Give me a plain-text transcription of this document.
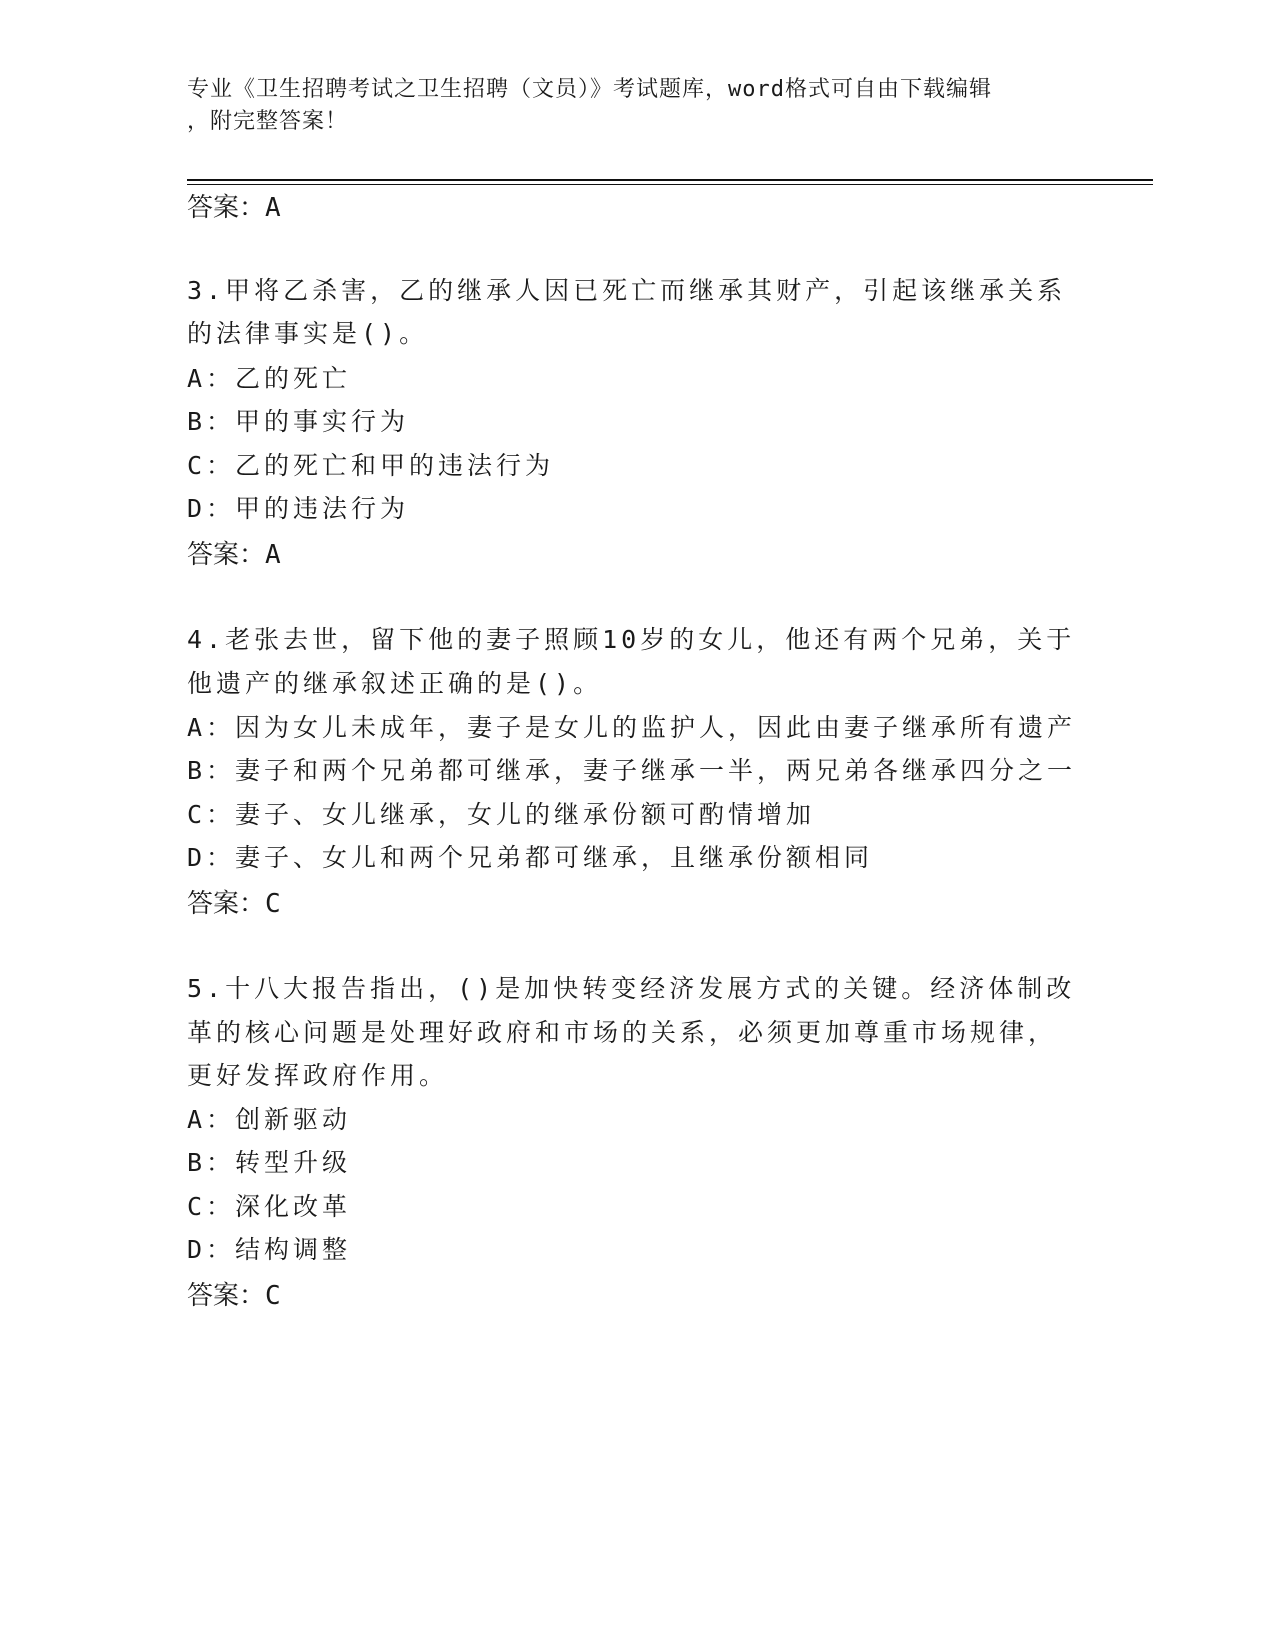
专业《卫生招聘考试之卫生招聘（文员）》考试题库，word格式可自由下载编辑
，附完整答案！
答案：A
3.甲将乙杀害，乙的继承人因已死亡而继承其财产，引起该继承关系
的法律事实是()。
A：乙的死亡
B：甲的事实行为
C：乙的死亡和甲的违法行为
D：甲的违法行为
答案：A
4.老张去世，留下他的妻子照顾10岁的女儿，他还有两个兄弟，关于
他遗产的继承叙述正确的是()。
A：因为女儿未成年，妻子是女儿的监护人，因此由妻子继承所有遗产
B：妻子和两个兄弟都可继承，妻子继承一半，两兄弟各继承四分之一
C：妻子、女儿继承，女儿的继承份额可酌情增加
D：妻子、女儿和两个兄弟都可继承，且继承份额相同
答案：C
5.十八大报告指出，()是加快转变经济发展方式的关键。经济体制改
革的核心问题是处理好政府和市场的关系，必须更加尊重市场规律，
更好发挥政府作用。
A：创新驱动
B：转型升级
C：深化改革
D：结构调整
答案：C
